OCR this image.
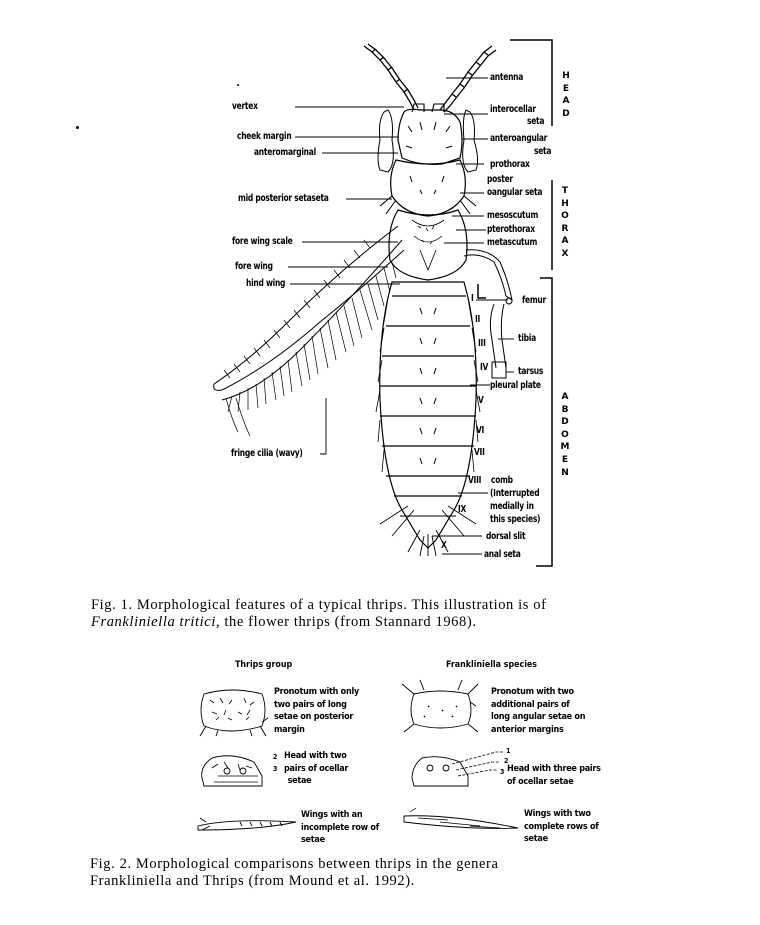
vertex
cheek margin
anteromarginal
mid posterior setaseta
fore wing scale
fore wing
hind wing
fringe cilia (wavy)
antenna
interocellar
seta
anteroangular
seta
prothorax
poster
oangular seta
mesoscutum
pterothorax
metascutum
femur
tibia
tarsus
pleural plate
comb
(Interrupted
medially in
this species)
dorsal slit
anal seta
I
II
III
IV
V
VI
VII
VIII
IX
X
H
E
A
D
T
H
O
R
A
X
A
B
D
O
M
E
N
Fig. 1. Morphological features of a typical thrips. This illustration is of
Frankliniella tritici, the flower thrips (from Stannard 1968).
Thrips group	Frankliniella species
Pronotum with only
two pairs of long
setae on posterior
margin
2
3
Head with two
pairs of ocellar
setae
Wings with an
incomplete row of
setae
Pronotum with two
additional pairs of
long angular setae on
anterior margins
1
2
3 Head with three pairs
of ocellar setae
Wings with two
complete rows of
setae
Fig. 2. Morphological comparisons between thrips in the genera
Frankliniella and Thrips (from Mound et al. 1992).
